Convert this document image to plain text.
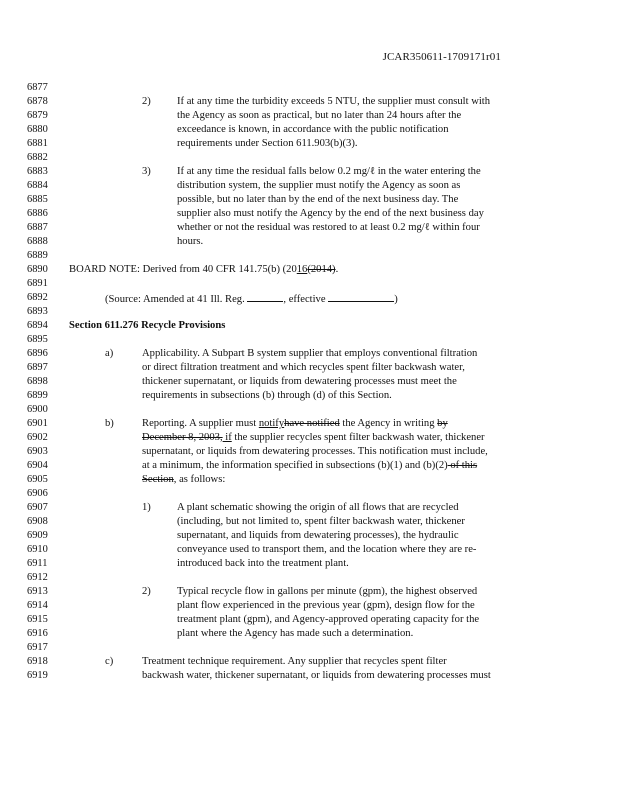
JCAR350611-1709171r01
6877
6878
6879
6880
6881
6882
6883
6884
6885
6886
6887
6888
6889
6890
6891
6892
6893
6894
6895
6896
6897
6898
6899
6900
6901
6902
6903
6904
6905
6906
6907
6908
6909
6910
6911
6912
6913
6914
6915
6916
6917
6918
6919
2) If at any time the turbidity exceeds 5 NTU, the supplier must consult with
the Agency as soon as practical, but no later than 24 hours after the
exceedance is known, in accordance with the public notification
requirements under Section 611.903(b)(3).
3) If at any time the residual falls below 0.2 mg/ℓ in the water entering the
distribution system, the supplier must notify the Agency as soon as
possible, but no later than by the end of the next business day. The
supplier also must notify the Agency by the end of the next business day
whether or not the residual was restored to at least 0.2 mg/ℓ within four
hours.
BOARD NOTE: Derived from 40 CFR 141.75(b) (2016(2014).
(Source: Amended at 41 Ill. Reg.	, effective	)
Section 611.276 Recycle Provisions
a)	Applicability. A Subpart B system supplier that employs conventional filtration
or direct filtration treatment and which recycles spent filter backwash water,
thickener supernatant, or liquids from dewatering processes must meet the
requirements in subsections (b) through (d) of this Section.
b)	Reporting. A supplier must notifyhave notified the Agency in writing by
December 8, 2003, if the supplier recycles spent filter backwash water, thickener
supernatant, or liquids from dewatering processes. This notification must include,
at a minimum, the information specified in subsections (b)(1) and (b)(2) of this
Section, as follows:
1) A plant schematic showing the origin of all flows that are recycled
(including, but not limited to, spent filter backwash water, thickener
supernatant, and liquids from dewatering processes), the hydraulic
conveyance used to transport them, and the location where they are re-
introduced back into the treatment plant.
2) Typical recycle flow in gallons per minute (gpm), the highest observed
plant flow experienced in the previous year (gpm), design flow for the
treatment plant (gpm), and Agency-approved operating capacity for the
plant where the Agency has made such a determination.
c)	Treatment technique requirement. Any supplier that recycles spent filter
backwash water, thickener supernatant, or liquids from dewatering processes must
